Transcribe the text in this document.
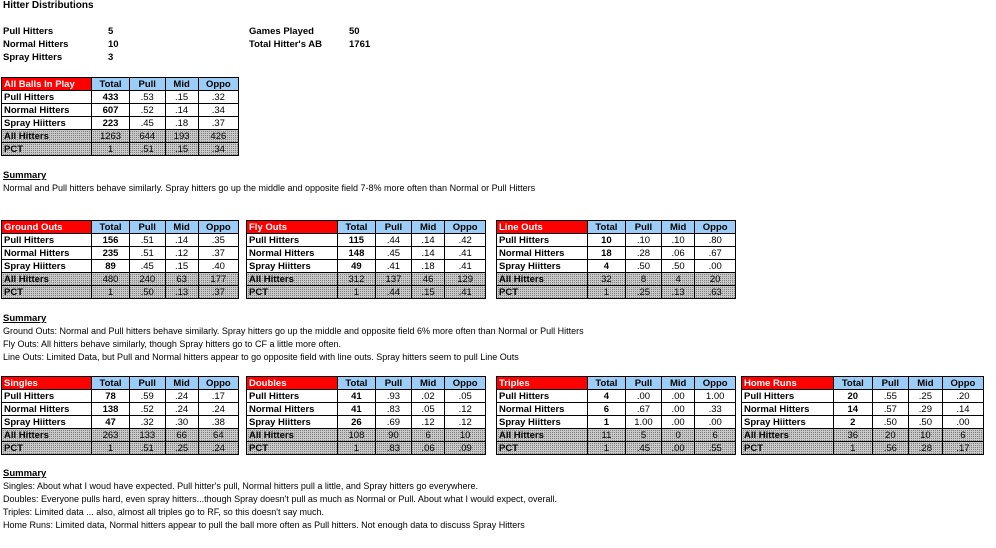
Hitter Distributions
Pull Hitters	5
Normal Hitters	10
Spray Hitters	3
Games Played	50
Total Hitter's AB	1761
All Balls In Play	Total	Pull	Mid	Oppo
Pull Hitters	433	.53	.15	.32
Normal Hitters	607	.52	.14	.34
Spray Hiitters	223	.45	.18	.37
All Hitters	1263	644	193	426
PCT	1	.51	.15	.34
Summary
Normal and Pull hitters behave similarly. Spray hitters go up the middle and opposite field 7-8% more often than Normal or Pull Hitters
Ground Outs	Total	Pull	Mid	Oppo
Pull Hitters	156	.51	.14	.35
Normal Hitters	235	.51	.12	.37
Spray Hiitters	89	.45	.15	.40
All Hitters	480	240	63	177
PCT	1	.50	.13	.37
Fly Outs	Total	Pull	Mid	Oppo
Pull Hitters	115	.44	.14	.42
Normal Hitters	148	.45	.14	.41
Spray Hiitters	49	.41	.18	.41
All Hitters	312	137	46	129
PCT	1	.44	.15	.41
Line Outs	Total	Pull	Mid	Oppo
Pull Hitters	10	.10	.10	.80
Normal Hitters	18	.28	.06	.67
Spray Hiitters	4	.50	.50	.00
All Hitters	32	8	4	20
PCT	1	.25	.13	.63
Summary
Ground Outs: Normal and Pull hitters behave similarly. Spray hitters go up the middle and opposite field 6% more often than Normal or Pull Hitters
Fly Outs: All hitters behave similarly, though Spray hitters go to CF a little more often.
Line Outs: Limited Data, but Pull and Normal hitters appear to go opposite field with line outs. Spray hitters seem to pull Line Outs
Singles	Total	Pull	Mid	Oppo
Pull Hitters	78	.59	.24	.17
Normal Hitters	138	.52	.24	.24
Spray Hiitters	47	.32	.30	.38
All Hitters	263	133	66	64
PCT	1	.51	.25	.24
Doubles	Total	Pull	Mid	Oppo
Pull Hitters	41	.93	.02	.05
Normal Hitters	41	.83	.05	.12
Spray Hiitters	26	.69	.12	.12
All Hitters	108	90	6	10
PCT	1	.83	.06	.09
Triples	Total	Pull	Mid	Oppo
Pull Hitters	4	.00	.00	1.00
Normal Hitters	6	.67	.00	.33
Spray Hiitters	1	1.00	.00	.00
All Hitters	11	5	0	6
PCT	1	.45	.00	.55
Home Runs	Total	Pull	Mid	Oppo
Pull Hitters	20	.55	.25	.20
Normal Hitters	14	.57	.29	.14
Spray Hiitters	2	.50	.50	.00
All Hitters	36	20	10	6
PCT	1	.56	.28	.17
Summary
Singles: About what I woud have expected. Pull hitter's pull, Normal hitters pull a little, and Spray hitters go everywhere.
Doubles: Everyone pulls hard, even spray hitters...though Spray doesn't pull as much as Normal or Pull. About what I would expect, overall.
Triples: Limited data ... also, almost all triples go to RF, so this doesn't say much.
Home Runs: Limited data, Normal hitters appear to pull the ball more often as Pull hitters. Not enough data to discuss Spray Hitters
